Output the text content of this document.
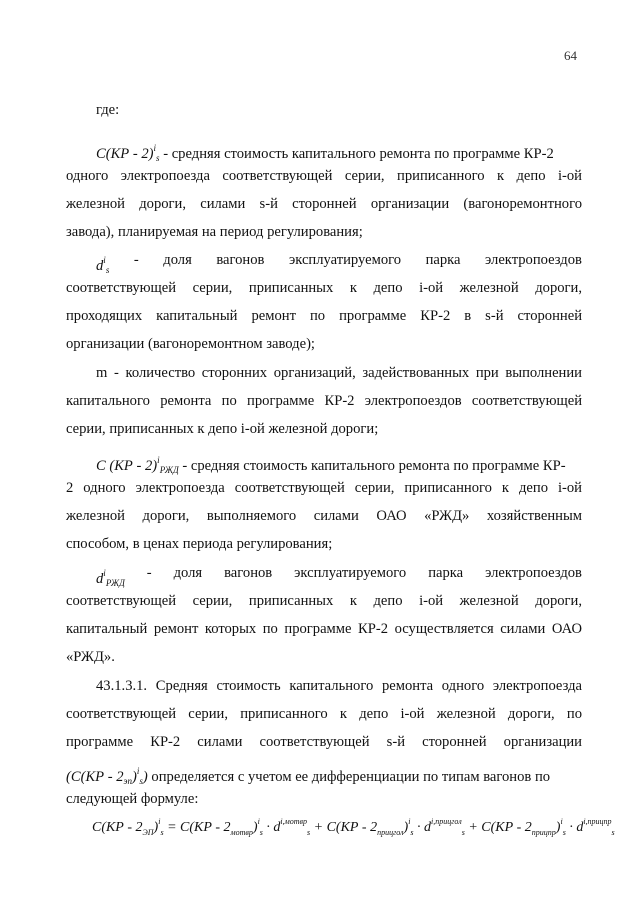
64
где:
C(КР - 2)$^i_s$ - средняя стоимость капитального ремонта по программе КР-2
одного электропоезда соответствующей серии, приписанного к депо i-ой
железной дороги, силами s-й сторонней организации (вагоноремонтного
завода), планируемая на период регулирования;
$d^i_s$
- доля вагонов эксплуатируемого парка электропоездов
соответствующей серии, приписанных к депо i-ой железной дороги,
проходящих капитальный ремонт по программе КР-2 в s-й сторонней
организации (вагоноремонтном заводе);
m - количество сторонних организаций, задействованных при выполнении
капитального ремонта по программе КР-2 электропоездов соответствующей
серии, приписанных к депо i-ой железной дороги;
C (КР - 2)$^i_{РЖД}$ - средняя стоимость капитального ремонта по программе КР-
2 одного электропоезда соответствующей серии, приписанного к депо i-ой
железной дороги, выполняемого силами ОАО «РЖД» хозяйственным
способом, в ценах периода регулирования;
$d^i_{РЖД}$
- доля вагонов эксплуатируемого парка электропоездов
соответствующей серии, приписанных к депо i-ой железной дороги,
капитальный ремонт которых по программе КР-2 осуществляется силами ОАО
«РЖД».
43.1.3.1. Средняя стоимость капитального ремонта одного электропоезда
соответствующей серии, приписанного к депо i-ой железной дороги, по
программе КР-2 силами соответствующей s-й сторонней организации
$(C(КР - 2_{эп})^i_s)$ определяется с учетом ее дифференциации по типам вагонов по
следующей формуле:
$C(КР - 2_{ЭП})^i_s = C(КР - 2_{мотвр})^i_s \cdot d^{i,мотвр}_s + C(КР - 2_{прицгол})^i_s \cdot d^{i,прицгол}_s + C(КР - 2_{прицпр})^i_s \cdot d^{i,прицпр}_s$
